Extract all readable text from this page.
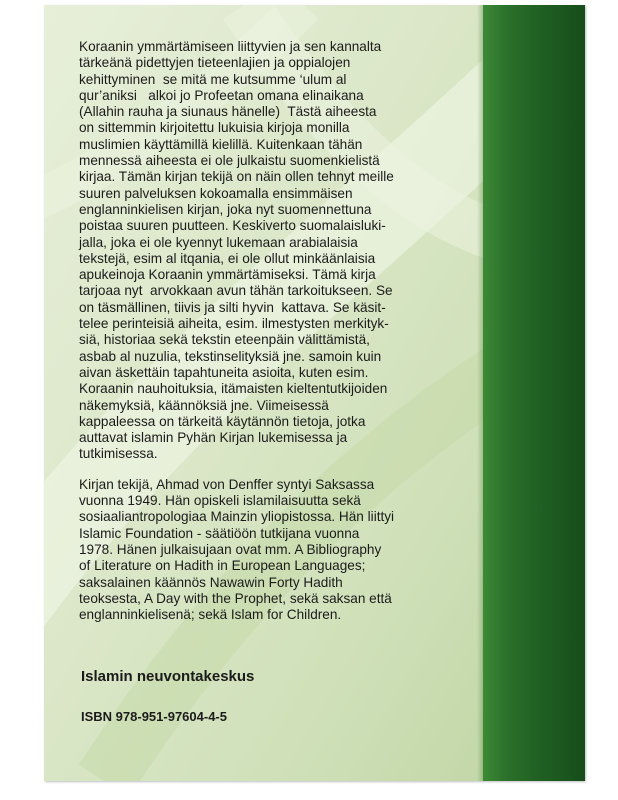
Koraanin ymmärtämiseen liittyvien ja sen kannalta
tärkeänä pidettyjen tieteenlajien ja oppialojen
kehittyminen  se mitä me kutsumme ‘ulum al
qur’aniksi   alkoi jo Profeetan omana elinaikana
(Allahin rauha ja siunaus hänelle)  Tästä aiheesta
on sittemmin kirjoitettu lukuisia kirjoja monilla
muslimien käyttämillä kielillä. Kuitenkaan tähän
mennessä aiheesta ei ole julkaistu suomenkielistä
kirjaa. Tämän kirjan tekijä on näin ollen tehnyt meille
suuren palveluksen kokoamalla ensimmäisen
englanninkielisen kirjan, joka nyt suomennettuna
poistaa suuren puutteen. Keskiverto suomalaisluki-
jalla, joka ei ole kyennyt lukemaan arabialaisia
tekstejä, esim al itqania, ei ole ollut minkäänlaisia
apukeinoja Koraanin ymmärtämiseksi. Tämä kirja
tarjoaa nyt  arvokkaan avun tähän tarkoitukseen. Se
on täsmällinen, tiivis ja silti hyvin  kattava. Se käsit-
telee perinteisiä aiheita, esim. ilmestysten merkityk-
siä, historiaa sekä tekstin eteenpäin välittämistä,
asbab al nuzulia, tekstinselityksiä jne. samoin kuin
aivan äskettäin tapahtuneita asioita, kuten esim.
Koraanin nauhoituksia, itämaisten kieltentutkijoiden
näkemyksiä, käännöksiä jne. Viimeisessä
kappaleessa on tärkeitä käytännön tietoja, jotka
auttavat islamin Pyhän Kirjan lukemisessa ja
tutkimisessa.
Kirjan tekijä, Ahmad von Denffer syntyi Saksassa
vuonna 1949. Hän opiskeli islamilaisuutta sekä
sosiaaliantropologiaa Mainzin yliopistossa. Hän liittyi
Islamic Foundation - säätiöön tutkijana vuonna
1978. Hänen julkaisujaan ovat mm. A Bibliography
of Literature on Hadith in European Languages;
saksalainen käännös Nawawin Forty Hadith
teoksesta, A Day with the Prophet, sekä saksan että
englanninkielisenä; sekä Islam for Children.
Islamin neuvontakeskus
ISBN 978-951-97604-4-5
